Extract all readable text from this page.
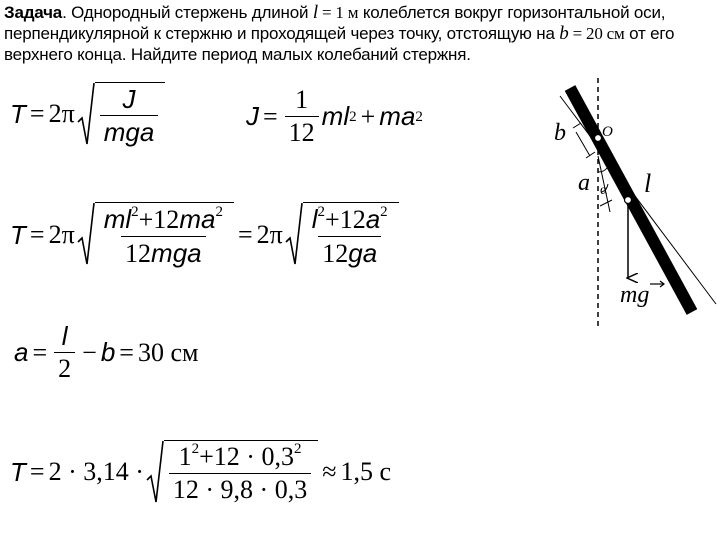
Задача. Однородный стержень длиной l = 1 м колеблется вокруг горизонтальной оси, перпендикулярной к стержню и проходящей через точку, отстоящую на b = 20 см от его верхнего конца. Найдите период малых колебаний стержня.
$T = 2\pi \frac{J}{\text{mga}}$	$J = \frac{1}{12}$ ml 2 + ma 2
$T = 2\pi \frac{ml^2+12ma^2}{\text{12mga}} = 2\pi \frac{l^2+12a^2}{12ga}$
$a = \frac{l}{2} - b = 30$ см
$T = 2 \cdot 3,14 \cdot \frac{1^2+12 \cdot 0,3^2}{12 \cdot 9,8 \cdot 0,3} \approx 1,5$ с
b
a
O
α
α l
mg
